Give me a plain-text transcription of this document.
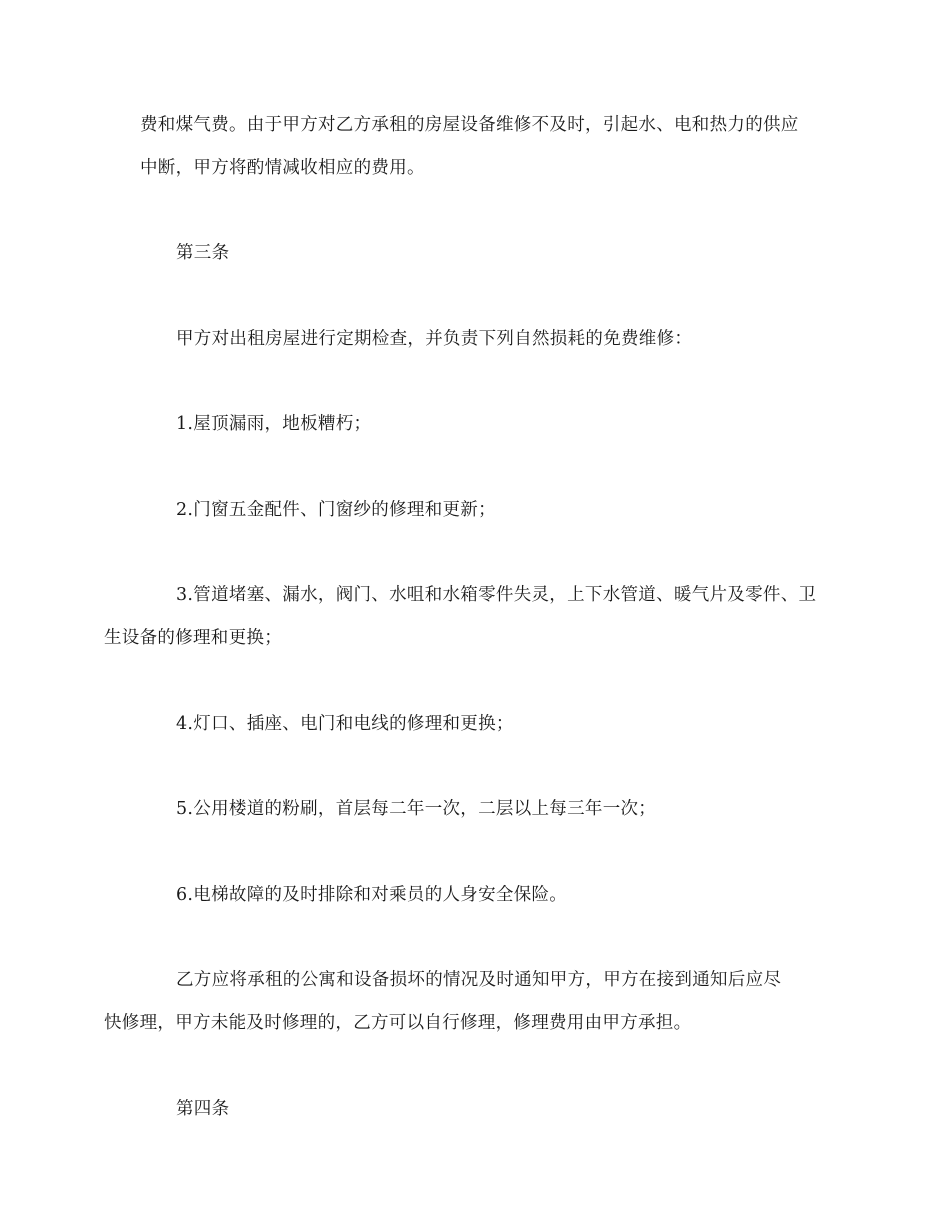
费和煤气费。由于甲方对乙方承租的房屋设备维修不及时，引起水、电和热力的供应
中断，甲方将酌情减收相应的费用。

第三条

甲方对出租房屋进行定期检查，并负责下列自然损耗的免费维修：

1.屋顶漏雨，地板糟朽；

2.门窗五金配件、门窗纱的修理和更新；

3.管道堵塞、漏水，阀门、水咀和水箱零件失灵，上下水管道、暖气片及零件、卫
生设备的修理和更换；

4.灯口、插座、电门和电线的修理和更换；

5.公用楼道的粉刷，首层每二年一次，二层以上每三年一次；

6.电梯故障的及时排除和对乘员的人身安全保险。

乙方应将承租的公寓和设备损坏的情况及时通知甲方，甲方在接到通知后应尽
快修理，甲方未能及时修理的，乙方可以自行修理，修理费用由甲方承担。

第四条
